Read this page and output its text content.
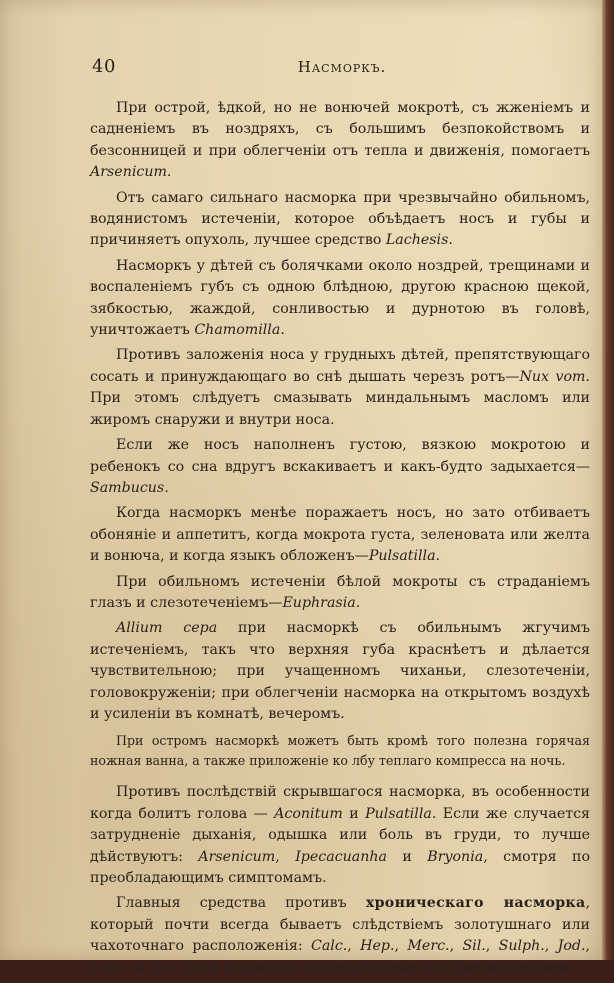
40	Насморкъ.

При острой, ѣдкой, но не вонючей мокротѣ, съ жженіемъ и садненіемъ въ ноздряхъ, съ большимъ безпокойствомъ и безсонницей и при облегченіи отъ тепла и движенія, помогаетъ Arsenicum.

Отъ самаго сильнаго насморка при чрезвычайно обильномъ, водянистомъ истеченіи, которое объѣдаетъ носъ и губы и причиняетъ опухоль, лучшее средство Lachesis.

Насморкъ у дѣтей съ болячками около ноздрей, трещинами и воспаленіемъ губъ съ одною блѣдною, другою красною щекой, зябкостью, жаждой, сонливостью и дурнотою въ головѣ, уничтожаетъ Chamomilla.

Противъ заложенія носа у грудныхъ дѣтей, препятствующаго сосать и принуждающаго во снѣ дышать черезъ ротъ—Nux vom. При этомъ слѣдуетъ смазывать миндальнымъ масломъ или жиромъ снаружи и внутри носа.

Если же носъ наполненъ густою, вязкою мокротою и ребенокъ со сна вдругъ вскакиваетъ и какъ-будто задыхается—Sambucus.

Когда насморкъ менѣе поражаетъ носъ, но зато отбиваетъ обоняніе и аппетитъ, когда мокрота густа, зеленовата или желта и вонюча, и когда языкъ обложенъ—Pulsatilla.

При обильномъ истеченіи бѣлой мокроты съ страданіемъ глазъ и слезотеченіемъ—Euphrasia.

Allium cepa при насморкѣ съ обильнымъ жгучимъ истеченіемъ, такъ что верхняя губа краснѣетъ и дѣлается чувствительною; при учащенномъ чиханьи, слезотеченіи, головокруженіи; при облегченіи насморка на открытомъ воздухѣ и усиленіи въ комнатѣ, вечеромъ.

При остромъ насморкѣ можетъ быть кромѣ того полезна горячая ножная ванна, а также приложеніе ко лбу теплаго компресса на ночь.

Противъ послѣдствій скрывшагося насморка, въ особенности когда болитъ голова — Aconitum и Pulsatilla. Если же случается затрудненіе дыханія, одышка или боль въ груди, то лучше дѣйствуютъ: Arsenicum, Ipecacuanha и Bryonia, смотря по преобладающимъ симптомамъ.

Главныя средства противъ хроническаго насморка, который почти всегда бываетъ слѣдствіемъ золотушнаго или чахоточнаго расположенія: Calc., Hep., Merc., Sil., Sulph., Jod., Puls., и Aur. Если насморкъ сосредоточивается преимуществен-
